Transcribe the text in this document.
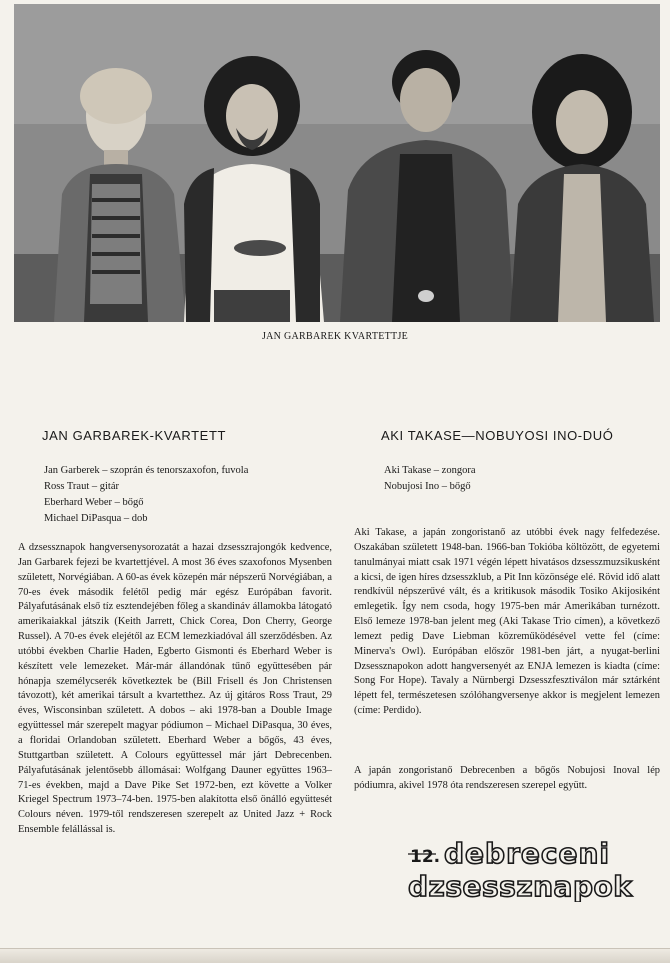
JAN GARBAREK KVARTETTJE
JAN GARBAREK-KVARTETT
Jan Garberek – szoprán és tenorszaxofon, fuvola
Ross Traut – gitár
Eberhard Weber – bőgő
Michael DiPasqua – dob

A dzsessznapok hangversenysorozatát a hazai dzsesszrajongók kedvence, Jan Garbarek fejezi be kvartettjével. A most 36 éves szaxofonos Mysenben született, Norvégiában. A 60-as évek közepén már népszerű Norvégiában, a 70-es évek második felétől pedig már egész Európában favorit. Pályafutásának első tíz esztendejében főleg a skandináv államokba látogató amerikaiakkal játszik (Keith Jarrett, Chick Corea, Don Cherry, George Russel). A 70-es évek elejétől az ECM lemezkiadóval áll szerződésben. Az utóbbi években Charlie Haden, Egberto Gismonti és Eberhard Weber is készített vele lemezeket. Már-már állandónak tűnő együttesében pár hónapja személycserék következtek be (Bill Frisell és Jon Christensen távozott), két amerikai társult a kvartetthez. Az új gitáros Ross Traut, 29 éves, Wisconsinban született. A dobos – aki 1978-ban a Double Image együttessel már szerepelt magyar pódiumon – Michael DiPasqua, 30 éves, a floridai Orlandoban született. Eberhard Weber a bőgős, 43 éves, Stuttgartban született. A Colours együttessel már járt Debrecenben. Pályafutásának jelentősebb állomásai: Wolfgang Dauner együttes 1963–71-es években, majd a Dave Pike Set 1972-ben, ezt követte a Volker Kriegel Spectrum 1973–74-ben. 1975-ben alakította első önálló együttesét Colours néven. 1979-től rendszeresen szerepelt az United Jazz + Rock Ensemble felállással is.

AKI TAKASE—NOBUYOSI INO-DUÓ
Aki Takase – zongora
Nobujosi Ino – bőgő

Aki Takase, a japán zongoristanő az utóbbi évek nagy felfedezése. Oszakában született 1948-ban. 1966-ban Tokióba költözött, de egyetemi tanulmányai miatt csak 1971 végén lépett hivatásos dzsesszmuzsikusként a kicsi, de igen híres dzsesszklub, a Pit Inn közönsége elé. Rövid idő alatt rendkívül népszerűvé vált, és a kritikusok második Tosiko Akijosiként emlegetik. Így nem csoda, hogy 1975-ben már Amerikában turnézott. Első lemeze 1978-ban jelent meg (Aki Takase Trio címen), a következő lemezt pedig Dave Liebman közreműködésével vette fel (címe: Minerva's Owl). Európában először 1981-ben járt, a nyugat-berlini Dzsessznapokon adott hangversenyét az ENJA lemezen is kiadta (címe: Song For Hope). Tavaly a Nürnbergi Dzsesszfesztiválon már sztárként lépett fel, természetesen szólóhangversenye akkor is megjelent lemezen (címe: Perdido).

A japán zongoristanő Debrecenben a bőgős Nobujosi Inoval lép pódiumra, akivel 1978 óta rendszeresen szerepel együtt.

12. debreceni
dzsessznapok
